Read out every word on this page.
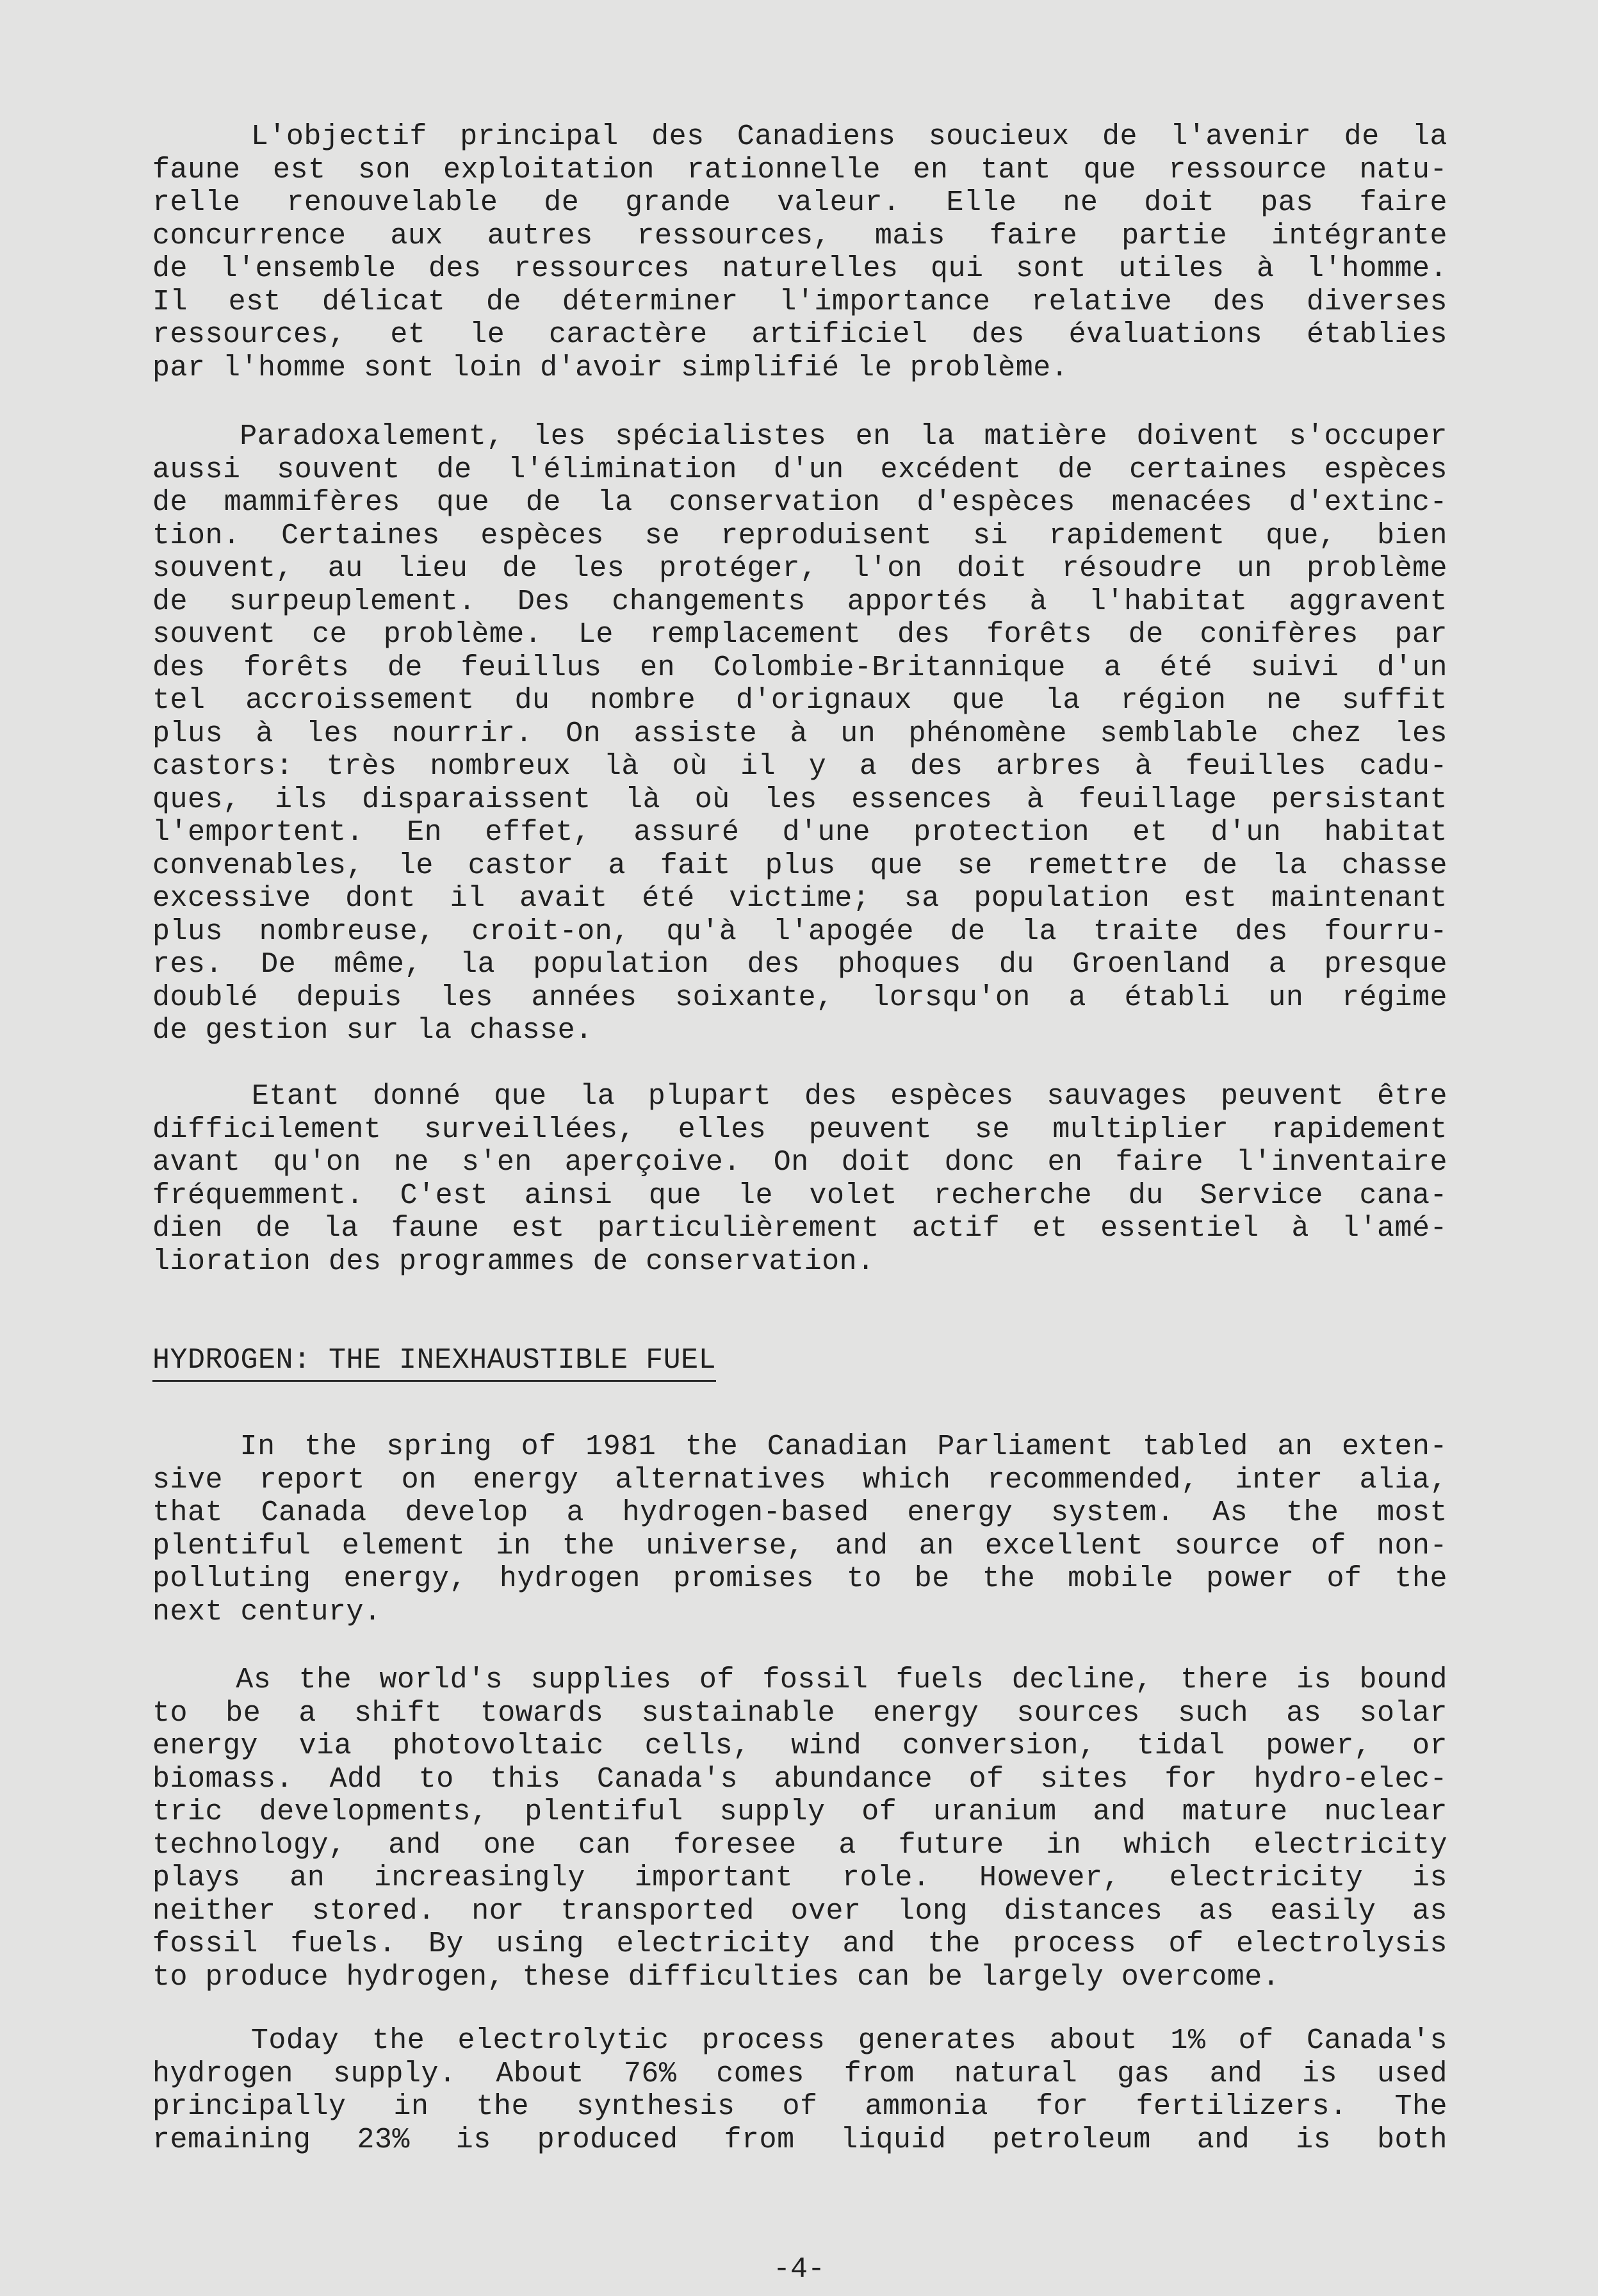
L'objectif principal des Canadiens soucieux de l'avenir de la
faune est son exploitation rationnelle en tant que ressource natu-
relle renouvelable de grande valeur. Elle ne doit pas faire
concurrence aux autres ressources, mais faire partie intégrante
de l'ensemble des ressources naturelles qui sont utiles à l'homme.
Il est délicat de déterminer l'importance relative des diverses
ressources, et le caractère artificiel des évaluations établies
par l'homme sont loin d'avoir simplifié le problème.
Paradoxalement, les spécialistes en la matière doivent s'occuper
aussi souvent de l'élimination d'un excédent de certaines espèces
de mammifères que de la conservation d'espèces menacées d'extinc-
tion. Certaines espèces se reproduisent si rapidement que, bien
souvent, au lieu de les protéger, l'on doit résoudre un problème
de surpeuplement. Des changements apportés à l'habitat aggravent
souvent ce problème. Le remplacement des forêts de conifères par
des forêts de feuillus en Colombie-Britannique a été suivi d'un
tel accroissement du nombre d'orignaux que la région ne suffit
plus à les nourrir. On assiste à un phénomène semblable chez les
castors: très nombreux là où il y a des arbres à feuilles cadu-
ques, ils disparaissent là où les essences à feuillage persistant
l'emportent. En effet, assuré d'une protection et d'un habitat
convenables, le castor a fait plus que se remettre de la chasse
excessive dont il avait été victime; sa population est maintenant
plus nombreuse, croit-on, qu'à l'apogée de la traite des fourru-
res. De même, la population des phoques du Groenland a presque
doublé depuis les années soixante, lorsqu'on a établi un régime
de gestion sur la chasse.
Etant donné que la plupart des espèces sauvages peuvent être
difficilement surveillées, elles peuvent se multiplier rapidement
avant qu'on ne s'en aperçoive. On doit donc en faire l'inventaire
fréquemment. C'est ainsi que le volet recherche du Service cana-
dien de la faune est particulièrement actif et essentiel à l'amé-
lioration des programmes de conservation.
HYDROGEN: THE INEXHAUSTIBLE FUEL
In the spring of 1981 the Canadian Parliament tabled an exten-
sive report on energy alternatives which recommended, inter alia,
that Canada develop a hydrogen-based energy system. As the most
plentiful element in the universe, and an excellent source of non-
polluting energy, hydrogen promises to be the mobile power of the
next century.
As the world's supplies of fossil fuels decline, there is bound
to be a shift towards sustainable energy sources such as solar
energy via photovoltaic cells, wind conversion, tidal power, or
biomass. Add to this Canada's abundance of sites for hydro-elec-
tric developments, plentiful supply of uranium and mature nuclear
technology, and one can foresee a future in which electricity
plays an increasingly important role. However, electricity is
neither stored. nor transported over long distances as easily as
fossil fuels. By using electricity and the process of electrolysis
to produce hydrogen, these difficulties can be largely overcome.
Today the electrolytic process generates about 1% of Canada's
hydrogen supply. About 76% comes from natural gas and is used
principally in the synthesis of ammonia for fertilizers. The
remaining 23% is produced from liquid petroleum and is both
-4-
